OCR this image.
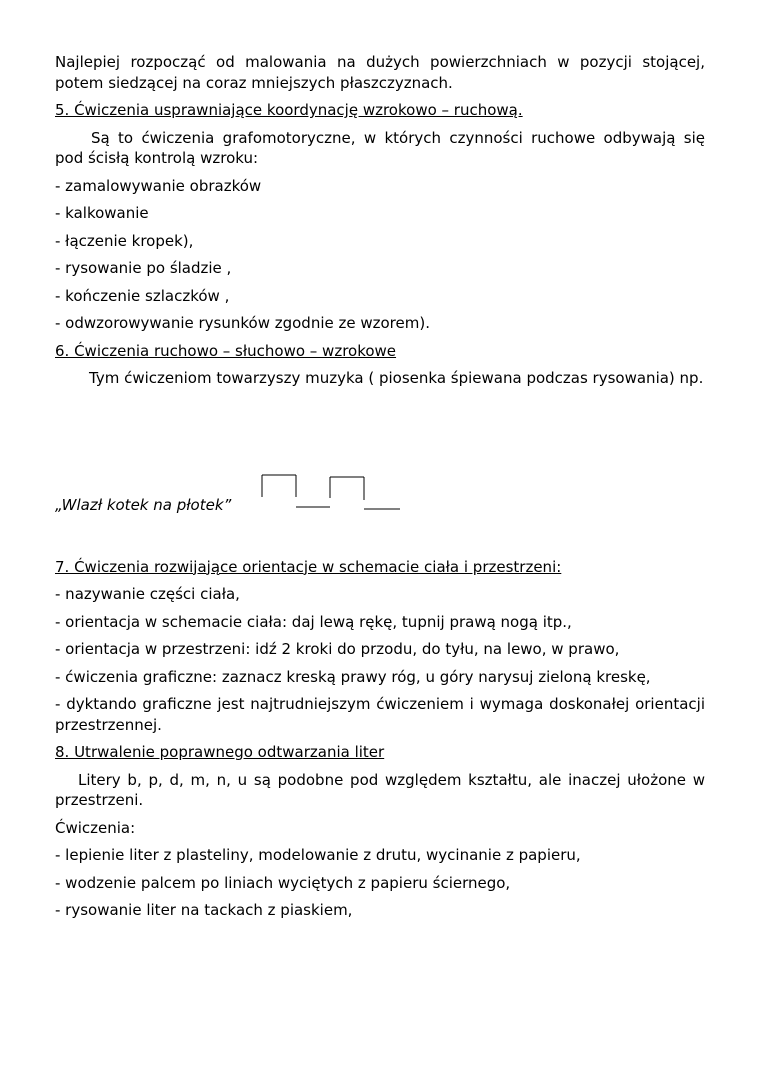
Najlepiej rozpocząć od malowania na dużych powierzchniach w pozycji stojącej,

potem siedzącej na coraz mniejszych płaszczyznach.

5. Ćwiczenia usprawniające koordynację wzrokowo – ruchową.

Są to ćwiczenia grafomotoryczne, w których czynności ruchowe odbywają się pod ścisłą kontrolą wzroku:

- zamalowywanie obrazków

- kalkowanie

- łączenie kropek),

- rysowanie po śladzie ,

- kończenie szlaczków ,

- odwzorowywanie rysunków zgodnie ze wzorem).

6. Ćwiczenia ruchowo – słuchowo – wzrokowe

Tym ćwiczeniom towarzyszy muzyka ( piosenka śpiewana podczas rysowania) np.

„Wlazł kotek na płotek”

7. Ćwiczenia rozwijające orientacje w schemacie ciała i przestrzeni:

- nazywanie części ciała,

- orientacja w schemacie ciała: daj lewą rękę, tupnij prawą nogą itp.,

- orientacja w przestrzeni: idź 2 kroki do przodu, do tyłu, na lewo, w prawo,

- ćwiczenia graficzne: zaznacz kreską prawy róg, u góry narysuj zieloną kreskę,

- dyktando graficzne jest najtrudniejszym ćwiczeniem i wymaga doskonałej orientacji przestrzennej.

8. Utrwalenie poprawnego odtwarzania liter

Litery b, p, d, m, n, u są podobne pod względem kształtu, ale inaczej ułożone w przestrzeni.

Ćwiczenia:

- lepienie liter z plasteliny, modelowanie z drutu, wycinanie z papieru,

- wodzenie palcem po liniach wyciętych z papieru ściernego,

- rysowanie liter na tackach z piaskiem,
